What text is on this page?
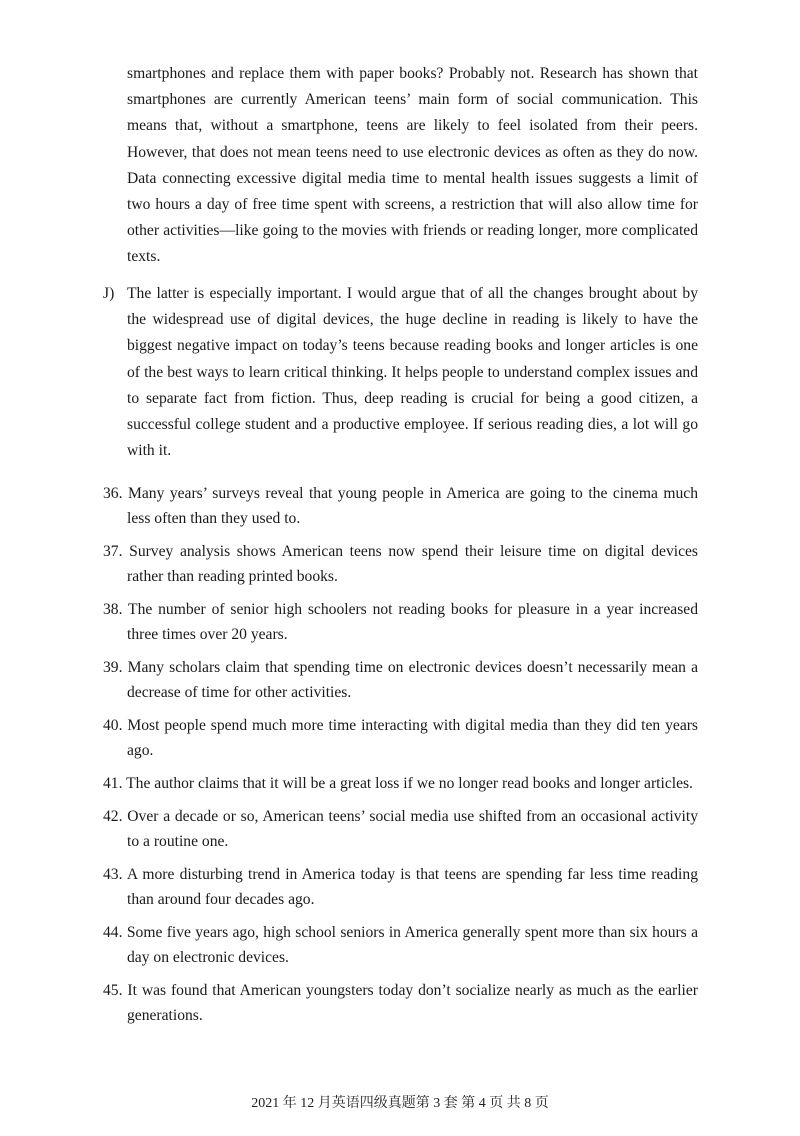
smartphones and replace them with paper books? Probably not. Research has shown that smartphones are currently American teens’ main form of social communication. This means that, without a smartphone, teens are likely to feel isolated from their peers. However, that does not mean teens need to use electronic devices as often as they do now. Data connecting excessive digital media time to mental health issues suggests a limit of two hours a day of free time spent with screens, a restriction that will also allow time for other activities—like going to the movies with friends or reading longer, more complicated texts.

J) The latter is especially important. I would argue that of all the changes brought about by the widespread use of digital devices, the huge decline in reading is likely to have the biggest negative impact on today’s teens because reading books and longer articles is one of the best ways to learn critical thinking. It helps people to understand complex issues and to separate fact from fiction. Thus, deep reading is crucial for being a good citizen, a successful college student and a productive employee. If serious reading dies, a lot will go with it.

36. Many years’ surveys reveal that young people in America are going to the cinema much less often than they used to.
37. Survey analysis shows American teens now spend their leisure time on digital devices rather than reading printed books.
38. The number of senior high schoolers not reading books for pleasure in a year increased three times over 20 years.
39. Many scholars claim that spending time on electronic devices doesn’t necessarily mean a decrease of time for other activities.
40. Most people spend much more time interacting with digital media than they did ten years ago.
41. The author claims that it will be a great loss if we no longer read books and longer articles.
42. Over a decade or so, American teens’ social media use shifted from an occasional activity to a routine one.
43. A more disturbing trend in America today is that teens are spending far less time reading than around four decades ago.
44. Some five years ago, high school seniors in America generally spent more than six hours a day on electronic devices.
45. It was found that American youngsters today don’t socialize nearly as much as the earlier generations.
2021 年 12 月英语四级真题第 3 套 第 4 页 共 8 页
